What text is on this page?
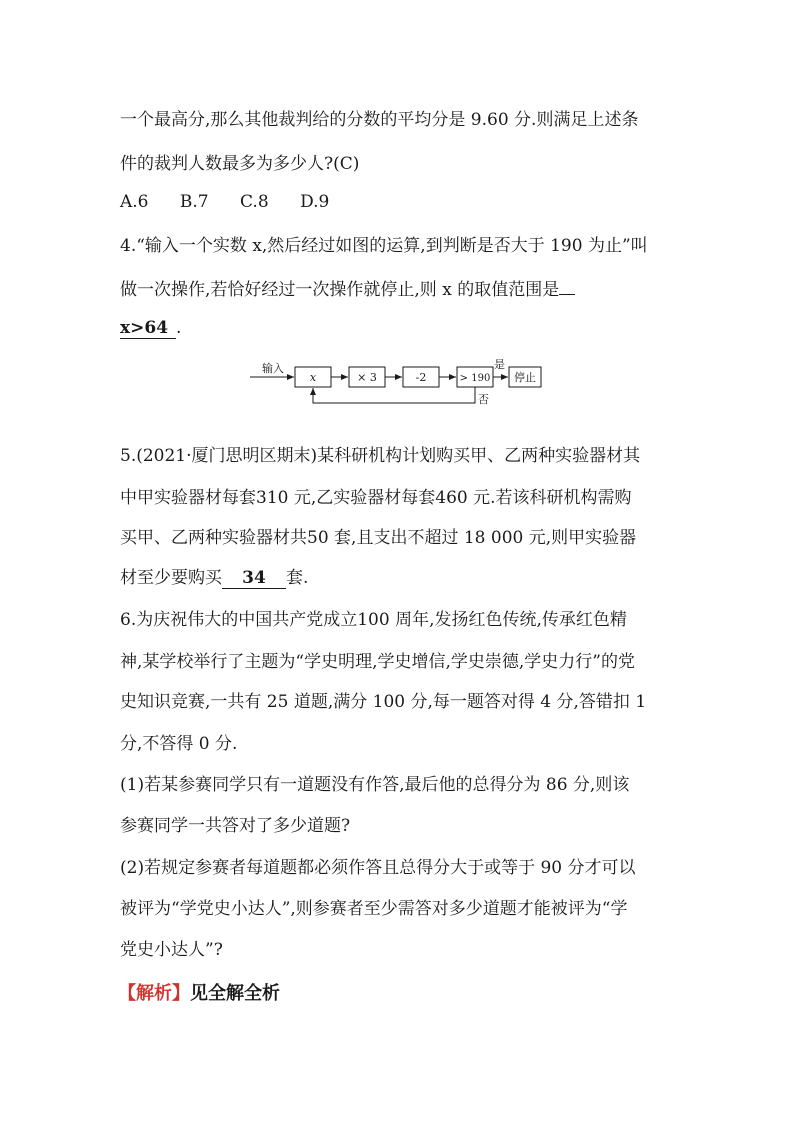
一个最高分,那么其他裁判给的分数的平均分是 9.60 分.则满足上述条
件的裁判人数最多为多少人?(C)
A.6 B.7 C.8 D.9
4.“输入一个实数 x,然后经过如图的运算,到判断是否大于 190 为止”叫
做一次操作,若恰好经过一次操作就停止,则 x 的取值范围是
x>64 .
输入
x	× 3	-2	> 190 停止
是
否
5.(2021·厦门思明区期末)某科研机构计划购买甲、乙两种实验器材其
中甲实验器材每套310 元,乙实验器材每套460 元.若该科研机构需购
买甲、乙两种实验器材共50 套,且支出不超过 18 000 元,则甲实验器
材至少要购买 34 套.
6.为庆祝伟大的中国共产党成立100 周年,发扬红色传统,传承红色精
神,某学校举行了主题为“学史明理,学史增信,学史崇德,学史力行”的党
史知识竞赛,一共有 25 道题,满分 100 分,每一题答对得 4 分,答错扣 1
分,不答得 0 分.
(1)若某参赛同学只有一道题没有作答,最后他的总得分为 86 分,则该
参赛同学一共答对了多少道题?
(2)若规定参赛者每道题都必须作答且总得分大于或等于 90 分才可以
被评为“学党史小达人”,则参赛者至少需答对多少道题才能被评为“学
党史小达人”?
【解析】见全解全析
